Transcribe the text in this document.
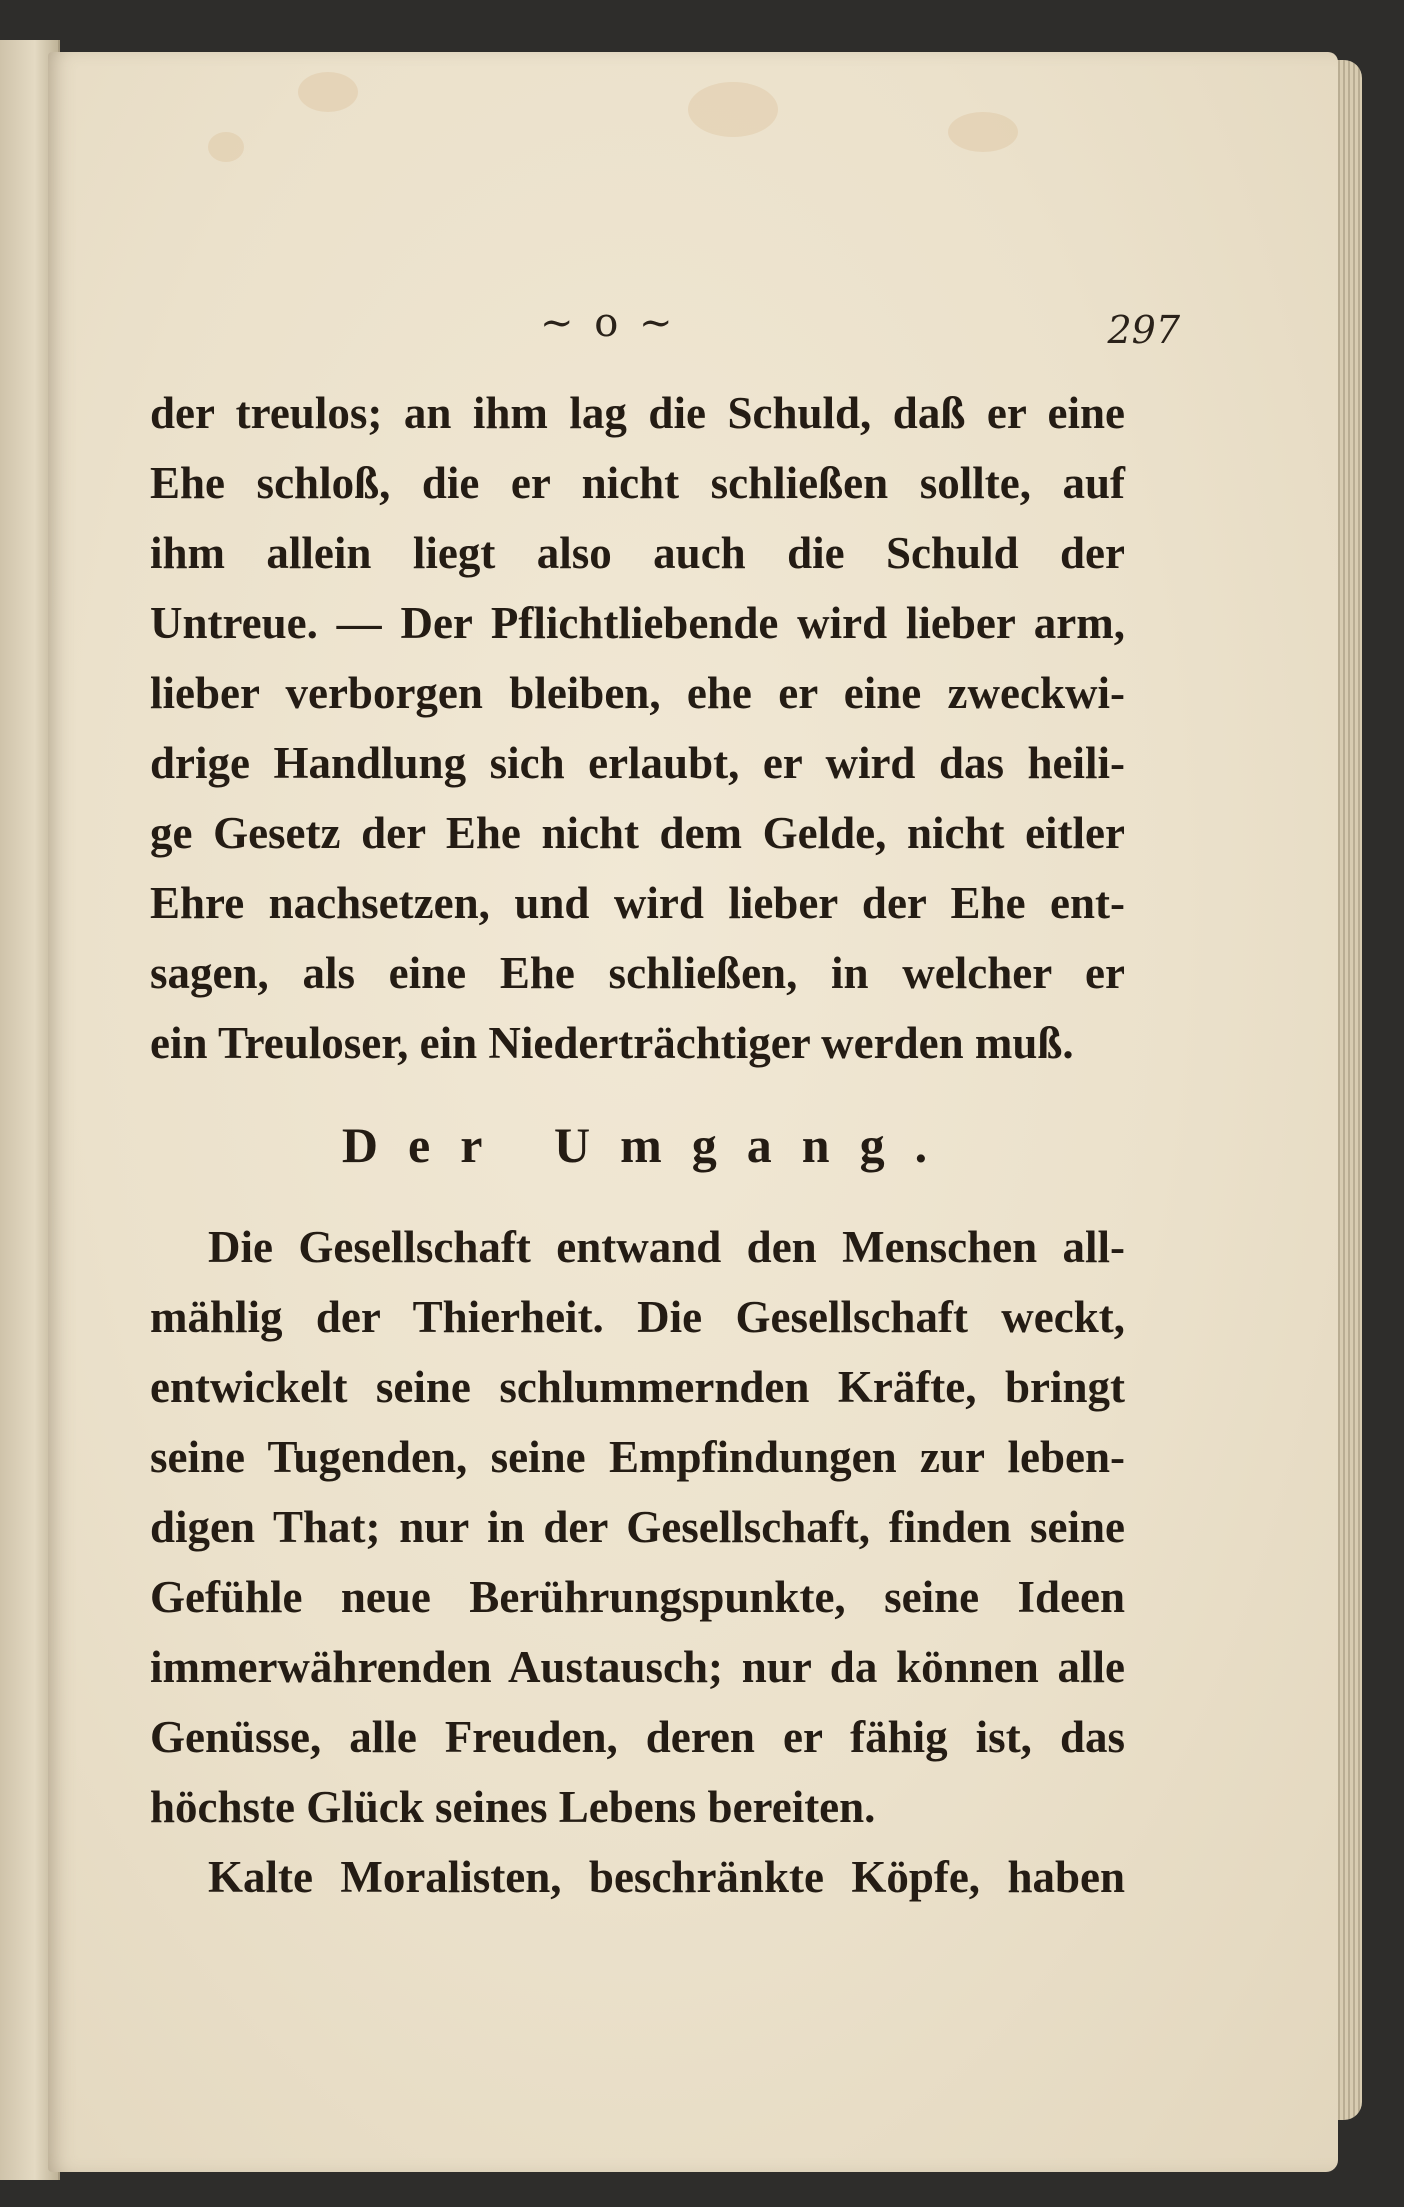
~ o ~	297
der treulos; an ihm lag die Schuld, daß er eine
Ehe schloß, die er nicht schließen sollte, auf
ihm allein liegt also auch die Schuld der
Untreue. — Der Pflichtliebende wird lieber arm,
lieber verborgen bleiben, ehe er eine zweckwi-
drige Handlung sich erlaubt, er wird das heili-
ge Gesetz der Ehe nicht dem Gelde, nicht eitler
Ehre nachsetzen, und wird lieber der Ehe ent-
sagen, als eine Ehe schließen, in welcher er
ein Treuloser, ein Niederträchtiger werden muß.
Der Umgang.
Die Gesellschaft entwand den Menschen all-
mählig der Thierheit. Die Gesellschaft weckt,
entwickelt seine schlummernden Kräfte, bringt
seine Tugenden, seine Empfindungen zur leben-
digen That; nur in der Gesellschaft, finden seine
Gefühle neue Berührungspunkte, seine Ideen
immerwährenden Austausch; nur da können alle
Genüsse, alle Freuden, deren er fähig ist, das
höchste Glück seines Lebens bereiten.
Kalte Moralisten, beschränkte Köpfe, haben
